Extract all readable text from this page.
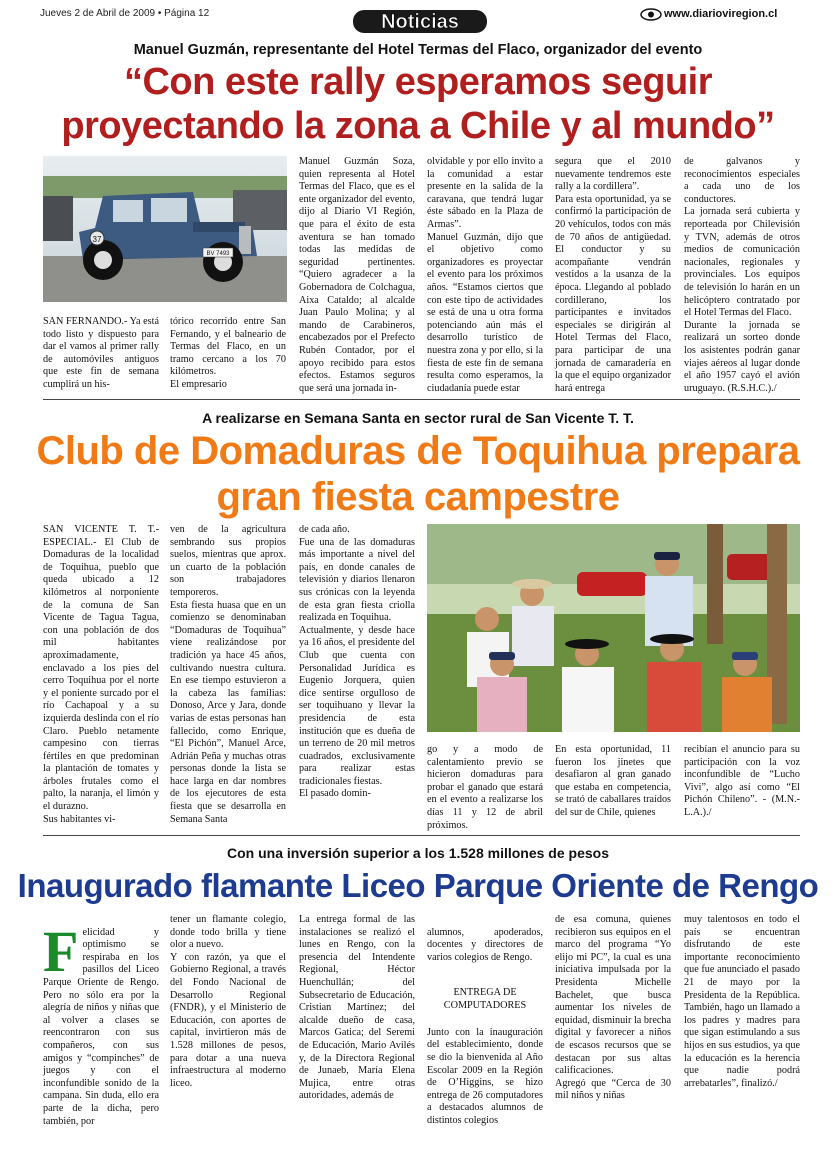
Jueves 2 de Abril de 2009 • Página 12	Noticias	www.diarioviregion.cl
Manuel Guzmán, representante del Hotel Termas del Flaco, organizador del evento
“Con este rally esperamos seguir
proyectando la zona a Chile y al mundo”
37
BV 7493
SAN FERNANDO.- Ya está todo listo y dispuesto para dar el vamos al primer rally de automóviles antiguos que este fin de semana cumplirá un his-
tórico recorrido entre San Fernando, y el balneario de Termas del Flaco, en un tramo cercano a los 70 kilómetros.
El empresario
Manuel Guzmán Soza, quien representa al Hotel Termas del Flaco, que es el ente organizador del evento, dijo al Diario VI Región, que para el éxito de esta aventura se han tomado todas las medidas de seguridad pertinentes. “Quiero agradecer a la Gobernadora de Colchagua, Aixa Cataldo; al alcalde Juan Paulo Molina; y al mando de Carabineros, encabezados por el Prefecto Rubén Contador, por el apoyo recibido para estos efectos. Estamos seguros que será una jornada in-
olvidable y por ello invito a la comunidad a estar presente en la salida de la caravana, que tendrá lugar éste sábado en la Plaza de Armas”.
Manuel Guzmán, dijo que el objetivo como organizadores es proyectar el evento para los próximos años. “Estamos ciertos que con este tipo de actividades se está de una u otra forma potenciando aún más el desarrollo turístico de nuestra zona y por ello, si la fiesta de este fin de semana resulta como esperamos, la ciudadanía puede estar
segura que el 2010 nuevamente tendremos este rally a la cordillera”.
Para esta oportunidad, ya se confirmó la participación de 20 vehículos, todos con más de 70 años de antigüedad. El conductor y su acompañante vendrán vestidos a la usanza de la época. Llegando al poblado cordillerano, los participantes e invitados especiales se dirigirán al Hotel Termas del Flaco, para participar de una jornada de camaradería en la que el equipo organizador hará entrega
de galvanos y reconocimientos especiales a cada uno de los conductores.
La jornada será cubierta y reporteada por Chilevisión y TVN, además de otros medios de comunicación nacionales, regionales y provinciales. Los equipos de televisión lo harán en un helicóptero contratado por el Hotel Termas del Flaco.
Durante la jornada se realizará un sorteo donde los asistentes podrán ganar viajes aéreos al lugar donde el año 1957 cayó el avión uruguayo. (R.S.H.C.)./
A realizarse en Semana Santa en sector rural de San Vicente T. T.
Club de Domaduras de Toquihua prepara
gran fiesta campestre
SAN VICENTE T. T.- ESPECIAL.- El Club de Domaduras de la localidad de Toquihua, pueblo que queda ubicado a 12 kilómetros al norponiente de la comuna de San Vicente de Tagua Tagua, con una población de dos mil habitantes aproximadamente, enclavado a los pies del cerro Toquihua por el norte y el poniente surcado por el río Cachapoal y a su izquierda deslinda con el río Claro. Pueblo netamente campesino con tierras fértiles en que predominan la plantación de tomates y árboles frutales como el palto, la naranja, el limón y el durazno.
Sus habitantes vi-
ven de la agricultura sembrando sus propios suelos, mientras que aprox. un cuarto de la población son trabajadores temporeros.
Esta fiesta huasa que en un comienzo se denominaban “Domaduras de Toquihua” viene realizándose por tradición ya hace 45 años, cultivando nuestra cultura. En ese tiempo estuvieron a la cabeza las familias: Donoso, Arce y Jara, donde varias de estas personas han fallecido, como Enrique, “El Pichón”, Manuel Arce, Adrián Peña y muchas otras personas donde la lista se hace larga en dar nombres de los ejecutores de esta fiesta que se desarrolla en Semana Santa
de cada año.
Fue una de las domaduras más importante a nivel del país, en donde canales de televisión y diarios llenaron sus crónicas con la leyenda de esta gran fiesta criolla realizada en Toquihua.
Actualmente, y desde hace ya 16 años, el presidente del Club que cuenta con Personalidad Jurídica es Eugenio Jorquera, quien dice sentirse orgulloso de ser toquihuano y llevar la presidencia de esta institución que es dueña de un terreno de 20 mil metros cuadrados, exclusivamente para realizar estas tradicionales fiestas.
El pasado domin-
go y a modo de calentamiento previo se hicieron domaduras para probar el ganado que estará en el evento a realizarse los días 11 y 12 de abril próximos.
En esta oportunidad, 11 fueron los jinetes que desafiaron al gran ganado que estaba en competencia, se trató de caballares traídos del sur de Chile, quienes
recibían el anuncio para su participación con la voz inconfundible de “Lucho Vivi”, algo así como “El Pichón Chileno”. - (M.N.-L.A.)./
Con una inversión superior a los 1.528 millones de pesos
Inaugurado flamante Liceo Parque Oriente de Rengo

Felicidad y optimismo se respiraba en los pasillos del Liceo Parque Oriente de Rengo. Pero no sólo era por la alegría de niños y niñas que al volver a clases se reencontraron con sus compañeros, con sus amigos y “compinches” de juegos y con el inconfundible sonido de la campana. Sin duda, ello era parte de la dicha, pero también, por

tener un flamante colegio, donde todo brilla y tiene olor a nuevo.
Y con razón, ya que el Gobierno Regional, a través del Fondo Nacional de Desarrollo Regional (FNDR), y el Ministerio de Educación, con aportes de capital, invirtieron más de 1.528 millones de pesos, para dotar a una nueva infraestructura al moderno liceo.
La entrega formal de las instalaciones se realizó el lunes en Rengo, con la presencia del Intendente Regional, Héctor Huenchullán; del Subsecretario de Educación, Cristian Martínez; del alcalde dueño de casa, Marcos Gatica; del Seremi de Educación, Mario Avilés y, de la Directora Regional de Junaeb, María Elena Mujica, entre otras autoridades, además de

alumnos, apoderados, docentes y directores de varios colegios de Rengo.

ENTREGA DE COMPUTADORES

Junto con la inauguración del establecimiento, donde se dio la bienvenida al Año Escolar 2009 en la Región de O’Higgins, se hizo entrega de 26 computadores a destacados alumnos de distintos colegios

de esa comuna, quienes recibieron sus equipos en el marco del programa “Yo elijo mi PC”, la cual es una iniciativa impulsada por la Presidenta Michelle Bachelet, que busca aumentar los niveles de equidad, disminuir la brecha digital y favorecer a niños de escasos recursos que se destacan por sus altas calificaciones.
Agregó que “Cerca de 30 mil niños y niñas
muy talentosos en todo el país se encuentran disfrutando de este importante reconocimiento que fue anunciado el pasado 21 de mayo por la Presidenta de la República. También, hago un llamado a los padres y madres para que sigan estimulando a sus hijos en sus estudios, ya que la educación es la herencia que nadie podrá arrebatarles”, finalizó./
